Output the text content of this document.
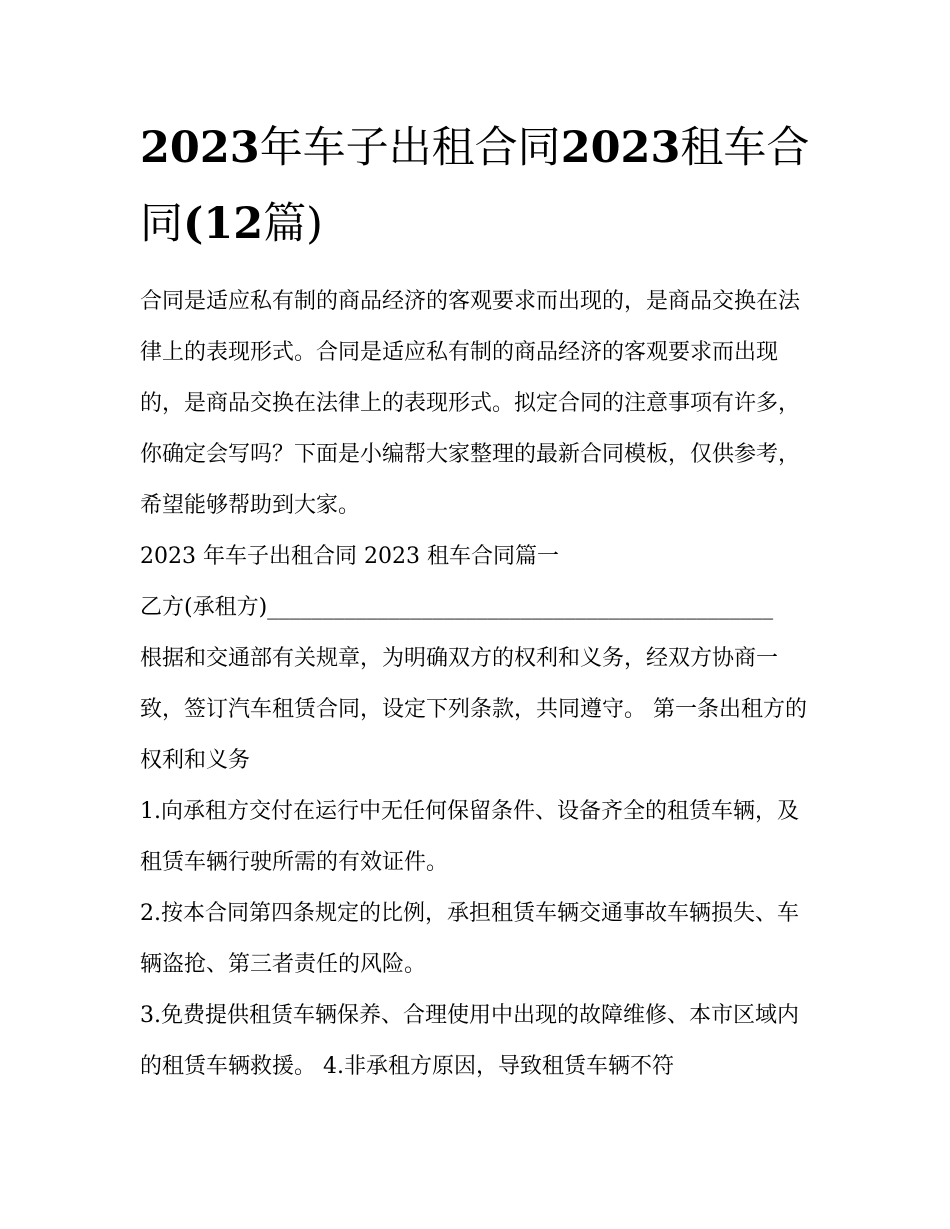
2023年车子出租合同2023租车合同(12篇)

合同是适应私有制的商品经济的客观要求而出现的，是商品交换在法律上的表现形式。合同是适应私有制的商品经济的客观要求而出现的，是商品交换在法律上的表现形式。拟定合同的注意事项有许多，你确定会写吗？下面是小编帮大家整理的最新合同模板，仅供参考，希望能够帮助到大家。

2023 年车子出租合同 2023 租车合同篇一

乙方(承租方)______________________________________________

根据和交通部有关规章，为明确双方的权利和义务，经双方协商一致，签订汽车租赁合同，设定下列条款，共同遵守。 第一条出租方的权利和义务

1.向承租方交付在运行中无任何保留条件、设备齐全的租赁车辆，及租赁车辆行驶所需的有效证件。

2.按本合同第四条规定的比例，承担租赁车辆交通事故车辆损失、车辆盗抢、第三者责任的风险。

3.免费提供租赁车辆保养、合理使用中出现的故障维修、本市区域内的租赁车辆救援。 4.非承租方原因，导致租赁车辆不符
